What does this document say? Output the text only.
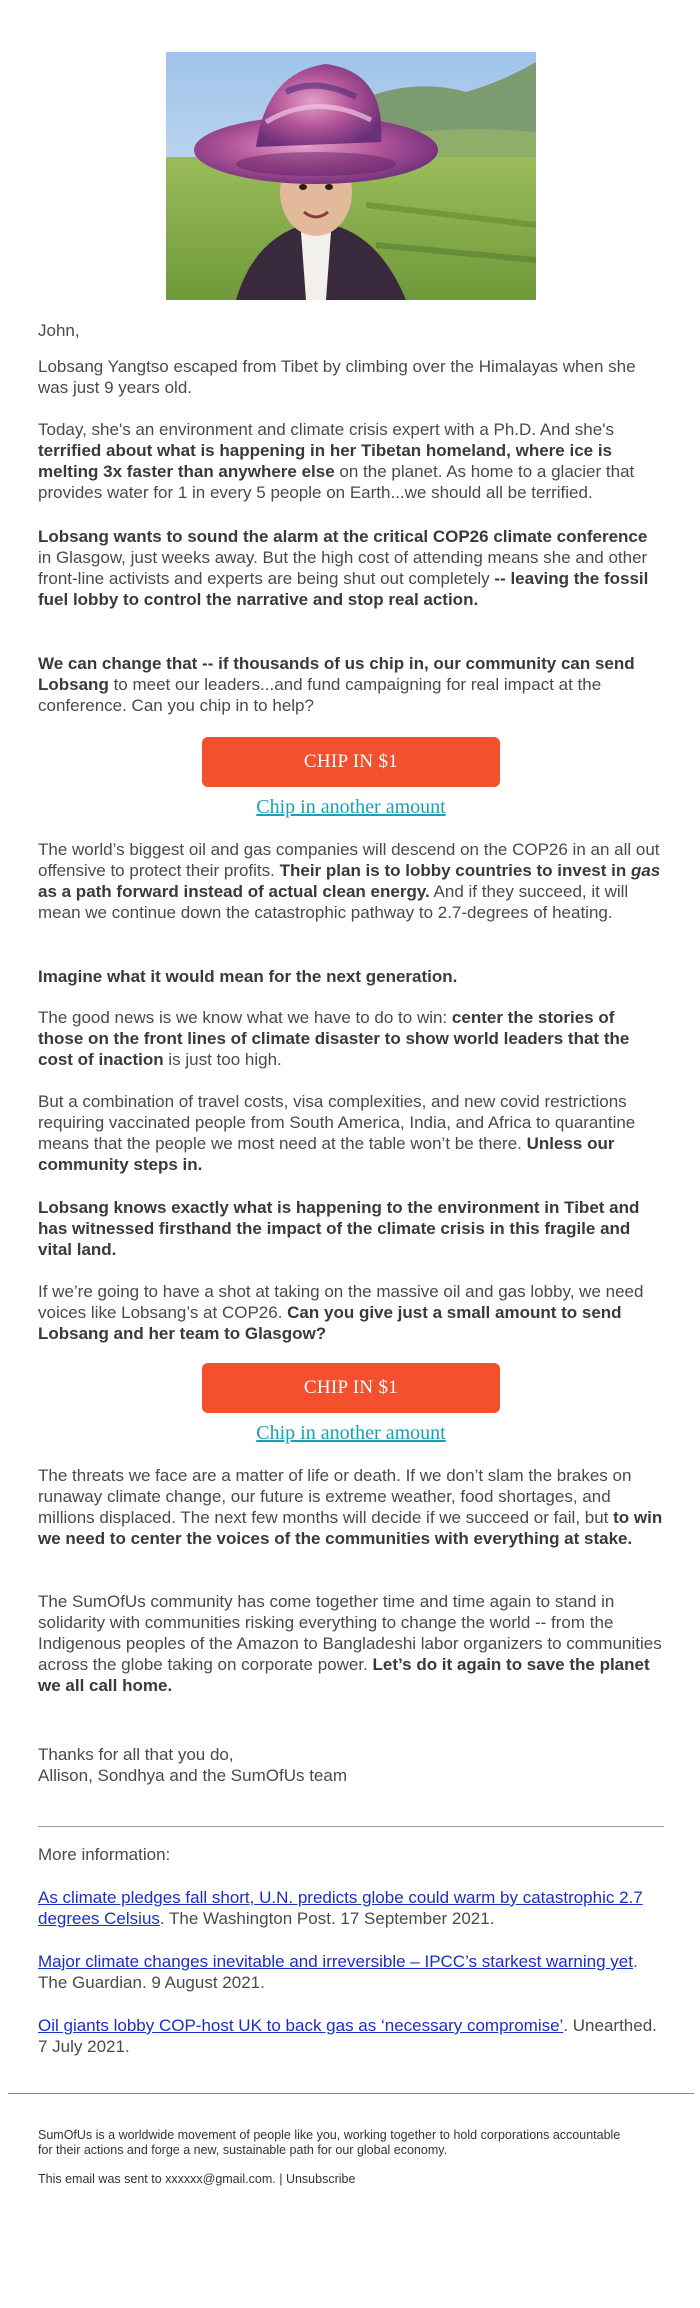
John,

Lobsang Yangtso escaped from Tibet by climbing over the Himalayas when she was just 9 years old.

Today, she's an environment and climate crisis expert with a Ph.D. And she's terrified about what is happening in her Tibetan homeland, where ice is melting 3x faster than anywhere else on the planet. As home to a glacier that provides water for 1 in every 5 people on Earth...we should all be terrified.

Lobsang wants to sound the alarm at the critical COP26 climate conference in Glasgow, just weeks away. But the high cost of attending means she and other front-line activists and experts are being shut out completely -- leaving the fossil fuel lobby to control the narrative and stop real action.

We can change that -- if thousands of us chip in, our community can send Lobsang to meet our leaders...and fund campaigning for real impact at the conference. Can you chip in to help?

CHIP IN $1
Chip in another amount

The world’s biggest oil and gas companies will descend on the COP26 in an all out offensive to protect their profits. Their plan is to lobby countries to invest in gas as a path forward instead of actual clean energy. And if they succeed, it will mean we continue down the catastrophic pathway to 2.7-degrees of heating.

Imagine what it would mean for the next generation.

The good news is we know what we have to do to win: center the stories of those on the front lines of climate disaster to show world leaders that the cost of inaction is just too high.

But a combination of travel costs, visa complexities, and new covid restrictions requiring vaccinated people from South America, India, and Africa to quarantine means that the people we most need at the table won’t be there. Unless our community steps in.

Lobsang knows exactly what is happening to the environment in Tibet and has witnessed firsthand the impact of the climate crisis in this fragile and vital land.

If we’re going to have a shot at taking on the massive oil and gas lobby, we need voices like Lobsang’s at COP26. Can you give just a small amount to send Lobsang and her team to Glasgow?

CHIP IN $1
Chip in another amount

The threats we face are a matter of life or death. If we don’t slam the brakes on runaway climate change, our future is extreme weather, food shortages, and millions displaced. The next few months will decide if we succeed or fail, but to win we need to center the voices of the communities with everything at stake.

The SumOfUs community has come together time and time again to stand in solidarity with communities risking everything to change the world -- from the Indigenous peoples of the Amazon to Bangladeshi labor organizers to communities across the globe taking on corporate power. Let’s do it again to save the planet we all call home.

Thanks for all that you do,

Allison, Sondhya and the SumOfUs team

More information:

As climate pledges fall short, U.N. predicts globe could warm by catastrophic 2.7 degrees Celsius. The Washington Post. 17 September 2021.

Major climate changes inevitable and irreversible – IPCC’s starkest warning yet. The Guardian. 9 August 2021.

Oil giants lobby COP-host UK to back gas as ‘necessary compromise’. Unearthed. 7 July 2021.

SumOfUs is a worldwide movement of people like you, working together to hold corporations accountable for their actions and forge a new, sustainable path for our global economy.

This email was sent to xxxxxx@gmail.com. | Unsubscribe
